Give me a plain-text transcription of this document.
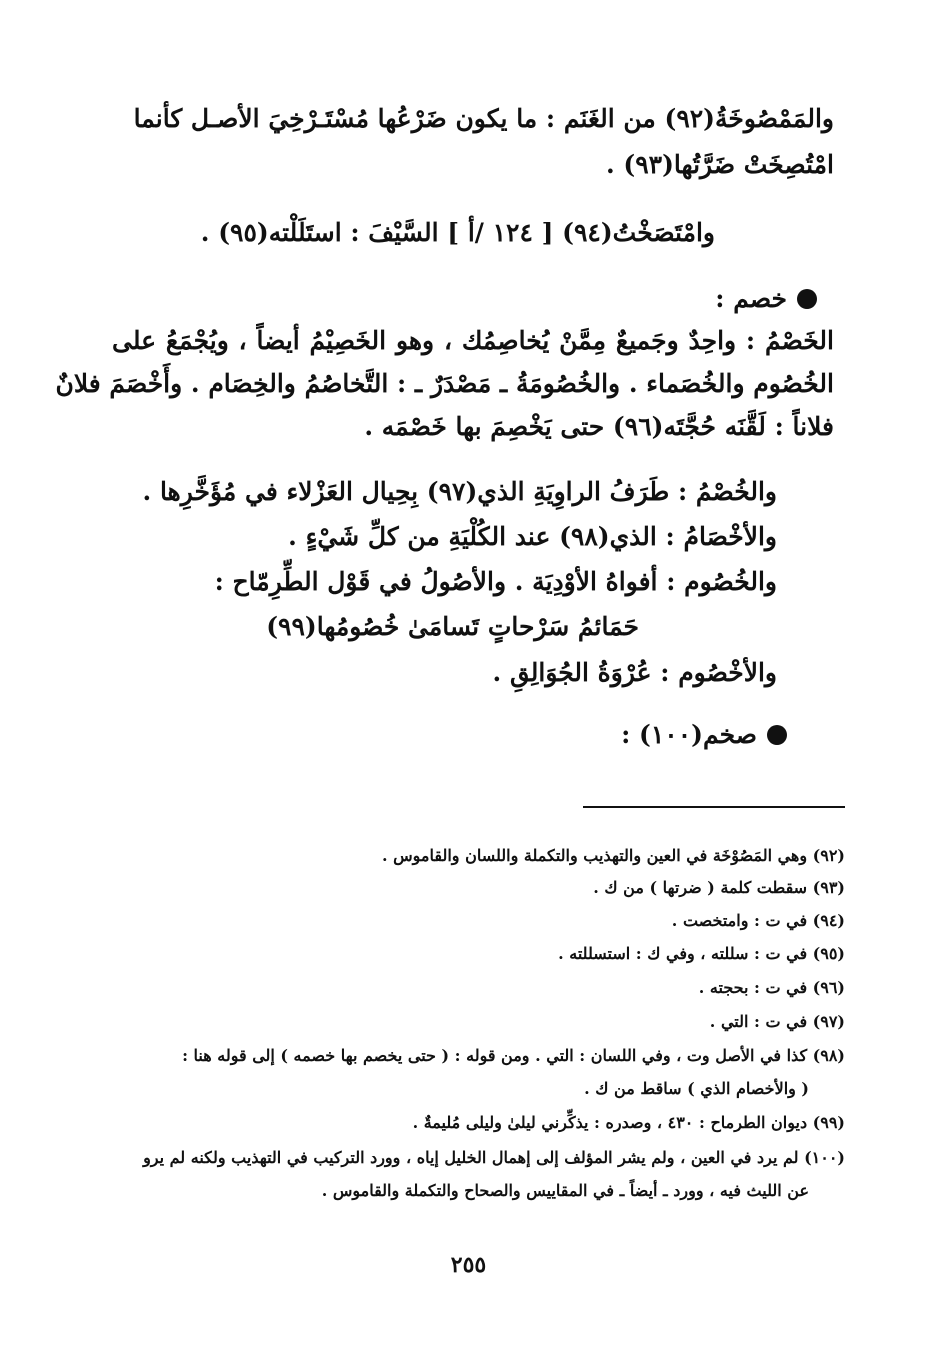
والمَمْصُوخَةُ(٩٢) من الغَنَم : ما يكون ضَرْعُها مُسْتَـرْخِيَ الأصـل كأنما
امْتُصِخَتْ ضَرَّتُها(٩٣) .
وامْتَصَخْتُ(٩٤) [ ١٢٤ /أ ] السَّيْفَ : استَلَلْته(٩٥) .
خصم :
الخَصْمُ : واحِدٌ وجَميعٌ مِمَّنْ يُخاصِمُك ، وهو الخَصِيْمُ أيضاً ، ويُجْمَعُ على
الخُصُوم والخُصَماء . والخُصُومَةُ ـ مَصْدَرٌ ـ : التَّخاصُمُ والخِصَام . وأَخْصَمَ فلانٌ
فلاناً : لَقَّنَه حُجَّتَه(٩٦) حتى يَخْصِمَ بها خَصْمَه .
والخُصْمُ : طَرَفُ الراوِيَةِ الذي(٩٧) بِحِيال العَزْلاء في مُؤَخَّرِها .
والأخْصَامُ : الذي(٩٨) عند الكُلْيَةِ من كلِّ شَيْءٍ .
والخُصُوم : أفواهُ الأوْدِيَة . والأصُولُ في قَوْل الطِّرِمّاح :
حَمَائمُ سَرْحاتٍ تَسامَىٰ خُصُومُها(٩٩)
والأخْصُوم : عُرْوَةُ الجُوَالِقِ .
صخم(١٠٠) :
(٩٢) وهي المَصُوْخَة في العين والتهذيب والتكملة واللسان والقاموس .
(٩٣) سقطت كلمة ( ضرتها ) من ك .
(٩٤) في ت : وامتخصت .
(٩٥) في ت : سللته ، وفي ك : استسللته .
(٩٦) في ت : بحجته .
(٩٧) في ت : التي .
(٩٨) كذا في الأصل وت ، وفي اللسان : التي . ومن قوله : ( حتى يخصم بها خصمه ) إلى قوله هنا :
( والأخصام الذي ) ساقط من ك .
(٩٩) ديوان الطرماح : ٤٣٠ ، وصدره : يذكِّرني ليلىٰ وليلى مُليمةٌ .
(١٠٠) لم يرد في العين ، ولم يشر المؤلف إلى إهمال الخليل إياه ، وورد التركيب في التهذيب ولكنه لم يرو
عن الليث فيه ، وورد ـ أيضاً ـ في المقاييس والصحاح والتكملة والقاموس .
٢٥٥
